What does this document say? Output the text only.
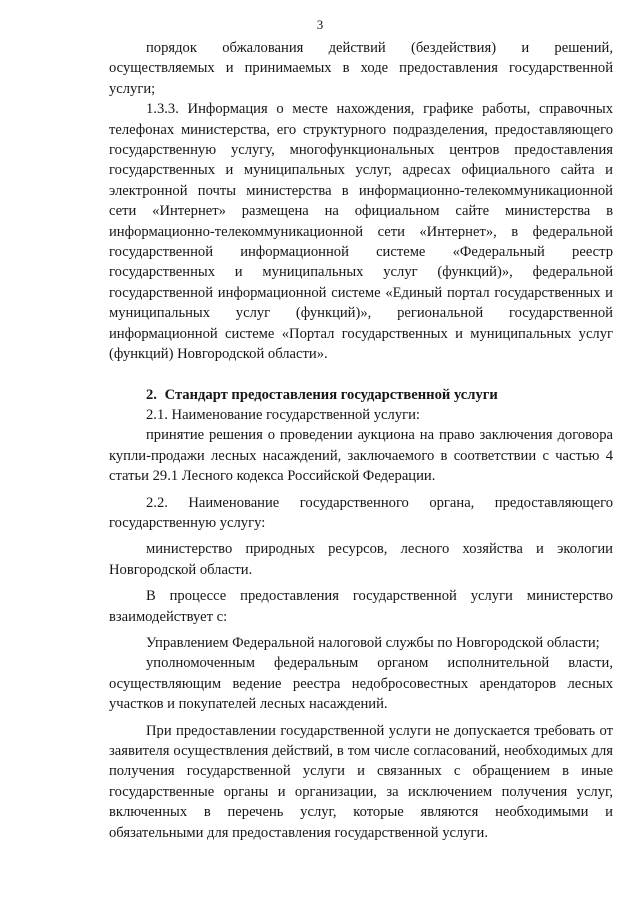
3

порядок обжалования действий (бездействия) и решений, осуществляемых и принимаемых в ходе предоставления государственной услуги;

1.3.3. Информация о месте нахождения, графике работы, справочных телефонах министерства, его структурного подразделения, предоставляющего государственную услугу, многофункциональных центров предоставления государственных и муниципальных услуг, адресах официального сайта и электронной почты министерства в информационно-телекоммуникационной сети «Интернет» размещена на официальном сайте министерства в информационно-телекоммуникационной сети «Интернет», в федеральной государственной информационной системе «Федеральный реестр государственных и муниципальных услуг (функций)», федеральной государственной информационной системе «Единый портал государственных и муниципальных услуг (функций)», региональной государственной информационной системе «Портал государственных и муниципальных услуг (функций) Новгородской области».

2. Стандарт предоставления государственной услуги

2.1. Наименование государственной услуги:

принятие решения о проведении аукциона на право заключения договора купли-продажи лесных насаждений, заключаемого в соответствии с частью 4 статьи 29.1 Лесного кодекса Российской Федерации.

2.2. Наименование государственного органа, предоставляющего государственную услугу:

министерство природных ресурсов, лесного хозяйства и экологии Новгородской области.

В процессе предоставления государственной услуги министерство взаимодействует с:

Управлением Федеральной налоговой службы по Новгородской области;

уполномоченным федеральным органом исполнительной власти, осуществляющим ведение реестра недобросовестных арендаторов лесных участков и покупателей лесных насаждений.

При предоставлении государственной услуги не допускается требовать от заявителя осуществления действий, в том числе согласований, необходимых для получения государственной услуги и связанных с обращением в иные государственные органы и организации, за исключением получения услуг, включенных в перечень услуг, которые являются необходимыми и обязательными для предоставления государственной услуги.
